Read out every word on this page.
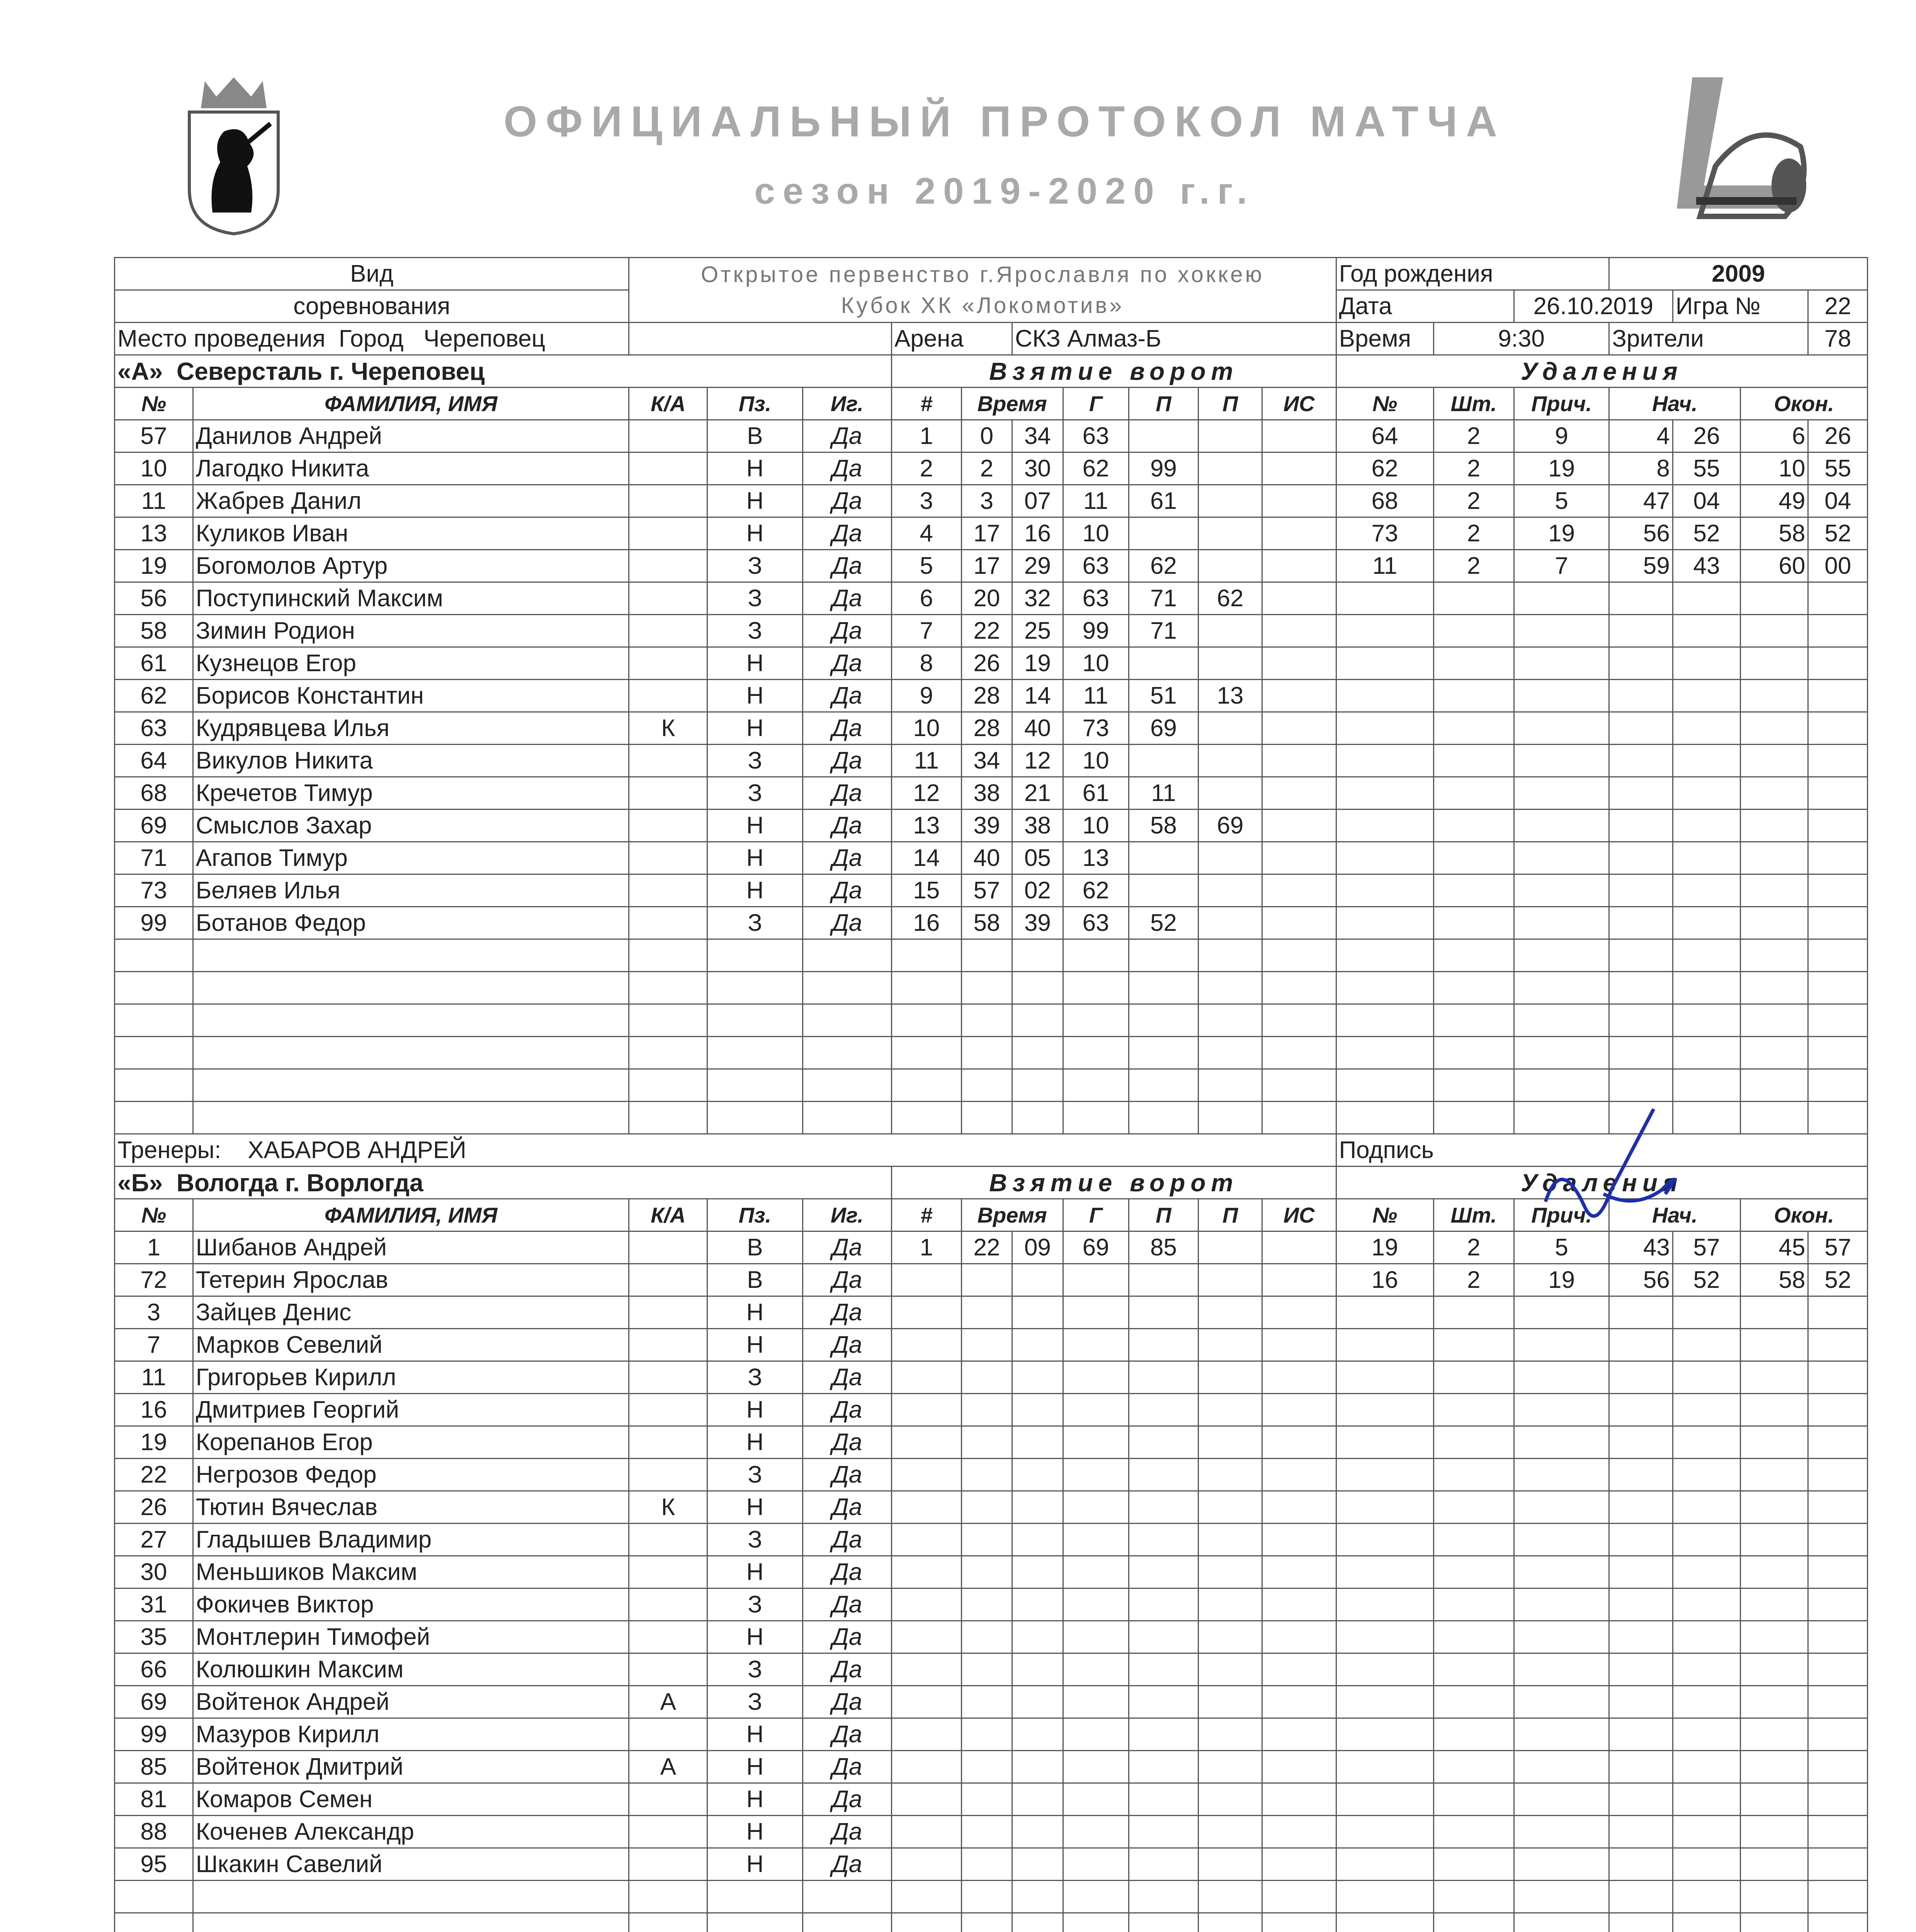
ОФИЦИАЛЬНЫЙ ПРОТОКОЛ МАТЧА
сезон 2019-2020 г.г.
Вид		Открытое первенство г.Ярославля по хоккею
Кубок ХК «Локомотив»										Год рождения			2009			
соревнования												Дата		26.10.2019		Игра №		22
Место проведения Город Череповец					Арена		СКЗ Алмаз-Б					Время	9:30		Зрители			78
«А» Северсталь г. Череповец					Взятие ворот							Удаления						
№	ФАМИЛИЯ, ИМЯ	К/А	Пз.	Иг.	#	Время		Г	П	П	ИС	№	Шт.	Прич.	Нач.		Окон.	
57	Данилов Андрей		В	Да	1	0	34	63				64	2	9	4	26	6	26
10	Лагодко Никита		Н	Да	2	2	30	62	99			62	2	19	8	55	10	55
11	Жабрев Данил		Н	Да	3	3	07	11	61			68	2	5	47	04	49	04
13	Куликов Иван		Н	Да	4	17	16	10				73	2	19	56	52	58	52
19	Богомолов Артур		З	Да	5	17	29	63	62			11	2	7	59	43	60	00
56	Поступинский Максим		З	Да	6	20	32	63	71	62								
58	Зимин Родион		З	Да	7	22	25	99	71									
61	Кузнецов Егор		Н	Да	8	26	19	10										
62	Борисов Константин		Н	Да	9	28	14	11	51	13								
63	Кудрявцева Илья	К	Н	Да	10	28	40	73	69									
64	Викулов Никита		З	Да	11	34	12	10										
68	Кречетов Тимур		З	Да	12	38	21	61	11									
69	Смыслов Захар		Н	Да	13	39	38	10	58	69								
71	Агапов Тимур		Н	Да	14	40	05	13										
73	Беляев Илья		Н	Да	15	57	02	62										
99	Ботанов Федор		З	Да	16	58	39	63	52									

Тренеры: ХАБАРОВ АНДРЕЙ												Подпись						
«Б» Вологда г. Ворлогда					Взятие ворот							Удаления						
№	ФАМИЛИЯ, ИМЯ	К/А	Пз.	Иг.	#	Время		Г	П	П	ИС	№	Шт.	Прич.	Нач.		Окон.	
1	Шибанов Андрей		В	Да	1	22	09	69	85			19	2	5	43	57	45	57
72	Тетерин Ярослав		В	Да								16	2	19	56	52	58	52
3	Зайцев Денис		Н	Да														
7	Марков Севелий		Н	Да														
11	Григорьев Кирилл		З	Да														
16	Дмитриев Георгий		Н	Да														
19	Корепанов Егор		Н	Да														
22	Негрозов Федор		З	Да														
26	Тютин Вячеслав	К	Н	Да														
27	Гладышев Владимир		З	Да														
30	Меньшиков Максим		Н	Да														
31	Фокичев Виктор		З	Да														
35	Монтлерин Тимофей		Н	Да														
66	Колюшкин Максим		З	Да														
69	Войтенок Андрей	А	З	Да														
99	Мазуров Кирилл		Н	Да														
85	Войтенок Дмитрий	А	Н	Да														
81	Комаров Семен		Н	Да														
88	Коченев Александр		Н	Да														
95	Шкакин Савелий		Н	Да														
